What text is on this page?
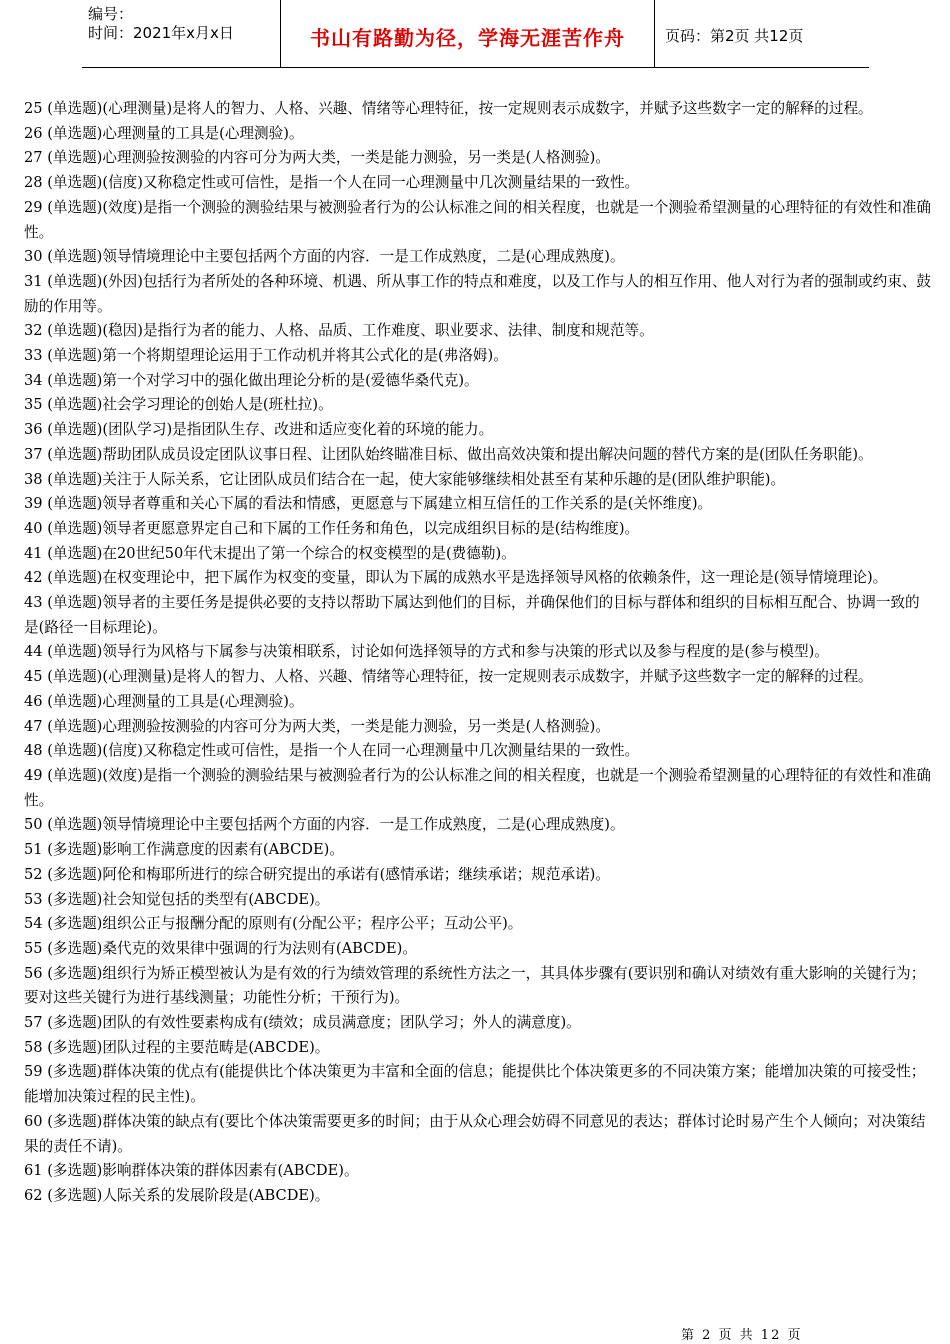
编号：
时间：2021年x月x日	书山有路勤为径，学海无涯苦作舟	页码：第2页 共12页

25 (单选题)(心理测量)是将人的智力、人格、兴趣、情绪等心理特征，按一定规则表示成数字，并赋予这些数字一定的解释的过程。

26 (单选题)心理测量的工具是(心理测验)。

27 (单选题)心理测验按测验的内容可分为两大类，一类是能力测验，另一类是(人格测验)。

28 (单选题)(信度)又称稳定性或可信性，是指一个人在同一心理测量中几次测量结果的一致性。

29 (单选题)(效度)是指一个测验的测验结果与被测验者行为的公认标准之间的相关程度，也就是一个测验希望测量的心理特征的有效性和准确性。

30 (单选题)领导情境理论中主要包括两个方面的内容．一是工作成熟度，二是(心理成熟度)。

31 (单选题)(外因)包括行为者所处的各种环境、机遇、所从事工作的特点和难度，以及工作与人的相互作用、他人对行为者的强制或约束、鼓励的作用等。

32 (单选题)(稳因)是指行为者的能力、人格、品质、工作难度、职业要求、法律、制度和规范等。

33 (单选题)第一个将期望理论运用于工作动机并将其公式化的是(弗洛姆)。

34 (单选题)第一个对学习中的强化做出理论分析的是(爱德华桑代克)。

35 (单选题)社会学习理论的创始人是(班杜拉)。

36 (单选题)(团队学习)是指团队生存、改进和适应变化着的环境的能力。

37 (单选题)帮助团队成员设定团队议事日程、让团队始终瞄准目标、做出高效决策和提出解决问题的替代方案的是(团队任务职能)。

38 (单选题)关注于人际关系，它让团队成员们结合在一起，使大家能够继续相处甚至有某种乐趣的是(团队维护职能)。

39 (单选题)领导者尊重和关心下属的看法和情感，更愿意与下属建立相互信任的工作关系的是(关怀维度)。

40 (单选题)领导者更愿意界定自己和下属的工作任务和角色，以完成组织目标的是(结构维度)。

41 (单选题)在20世纪50年代末提出了第一个综合的权变模型的是(费德勒)。

42 (单选题)在权变理论中，把下属作为权变的变量，即认为下属的成熟水平是选择领导风格的依赖条件，这一理论是(领导情境理论)。

43 (单选题)领导者的主要任务是提供必要的支持以帮助下属达到他们的目标，并确保他们的目标与群体和组织的目标相互配合、协调一致的是(路径一目标理论)。

44 (单选题)领导行为风格与下属参与决策相联系，讨论如何选择领导的方式和参与决策的形式以及参与程度的是(参与模型)。

45 (单选题)(心理测量)是将人的智力、人格、兴趣、情绪等心理特征，按一定规则表示成数字，并赋予这些数字一定的解释的过程。

46 (单选题)心理测量的工具是(心理测验)。

47 (单选题)心理测验按测验的内容可分为两大类，一类是能力测验，另一类是(人格测验)。

48 (单选题)(信度)又称稳定性或可信性，是指一个人在同一心理测量中几次测量结果的一致性。

49 (单选题)(效度)是指一个测验的测验结果与被测验者行为的公认标准之间的相关程度，也就是一个测验希望测量的心理特征的有效性和准确性。

50 (单选题)领导情境理论中主要包括两个方面的内容．一是工作成熟度，二是(心理成熟度)。

51 (多选题)影响工作满意度的因素有(ABCDE)。

52 (多选题)阿伦和梅耶所进行的综合研究提出的承诺有(感情承诺；继续承诺；规范承诺)。

53 (多选题)社会知觉包括的类型有(ABCDE)。

54 (多选题)组织公正与报酬分配的原则有(分配公平；程序公平；互动公平)。

55 (多选题)桑代克的效果律中强调的行为法则有(ABCDE)。

56 (多选题)组织行为矫正模型被认为是有效的行为绩效管理的系统性方法之一，其具体步骤有(要识别和确认对绩效有重大影响的关键行为；要对这些关键行为进行基线测量；功能性分析；干预行为)。

57 (多选题)团队的有效性要素构成有(绩效；成员满意度；团队学习；外人的满意度)。

58 (多选题)团队过程的主要范畴是(ABCDE)。

59 (多选题)群体决策的优点有(能提供比个体决策更为丰富和全面的信息；能提供比个体决策更多的不同决策方案；能增加决策的可接受性；能增加决策过程的民主性)。

60 (多选题)群体决策的缺点有(要比个体决策需要更多的时间；由于从众心理会妨碍不同意见的表达；群体讨论时易产生个人倾向；对决策结果的责任不请)。

61 (多选题)影响群体决策的群体因素有(ABCDE)。

62 (多选题)人际关系的发展阶段是(ABCDE)。

第 2 页 共 12 页
